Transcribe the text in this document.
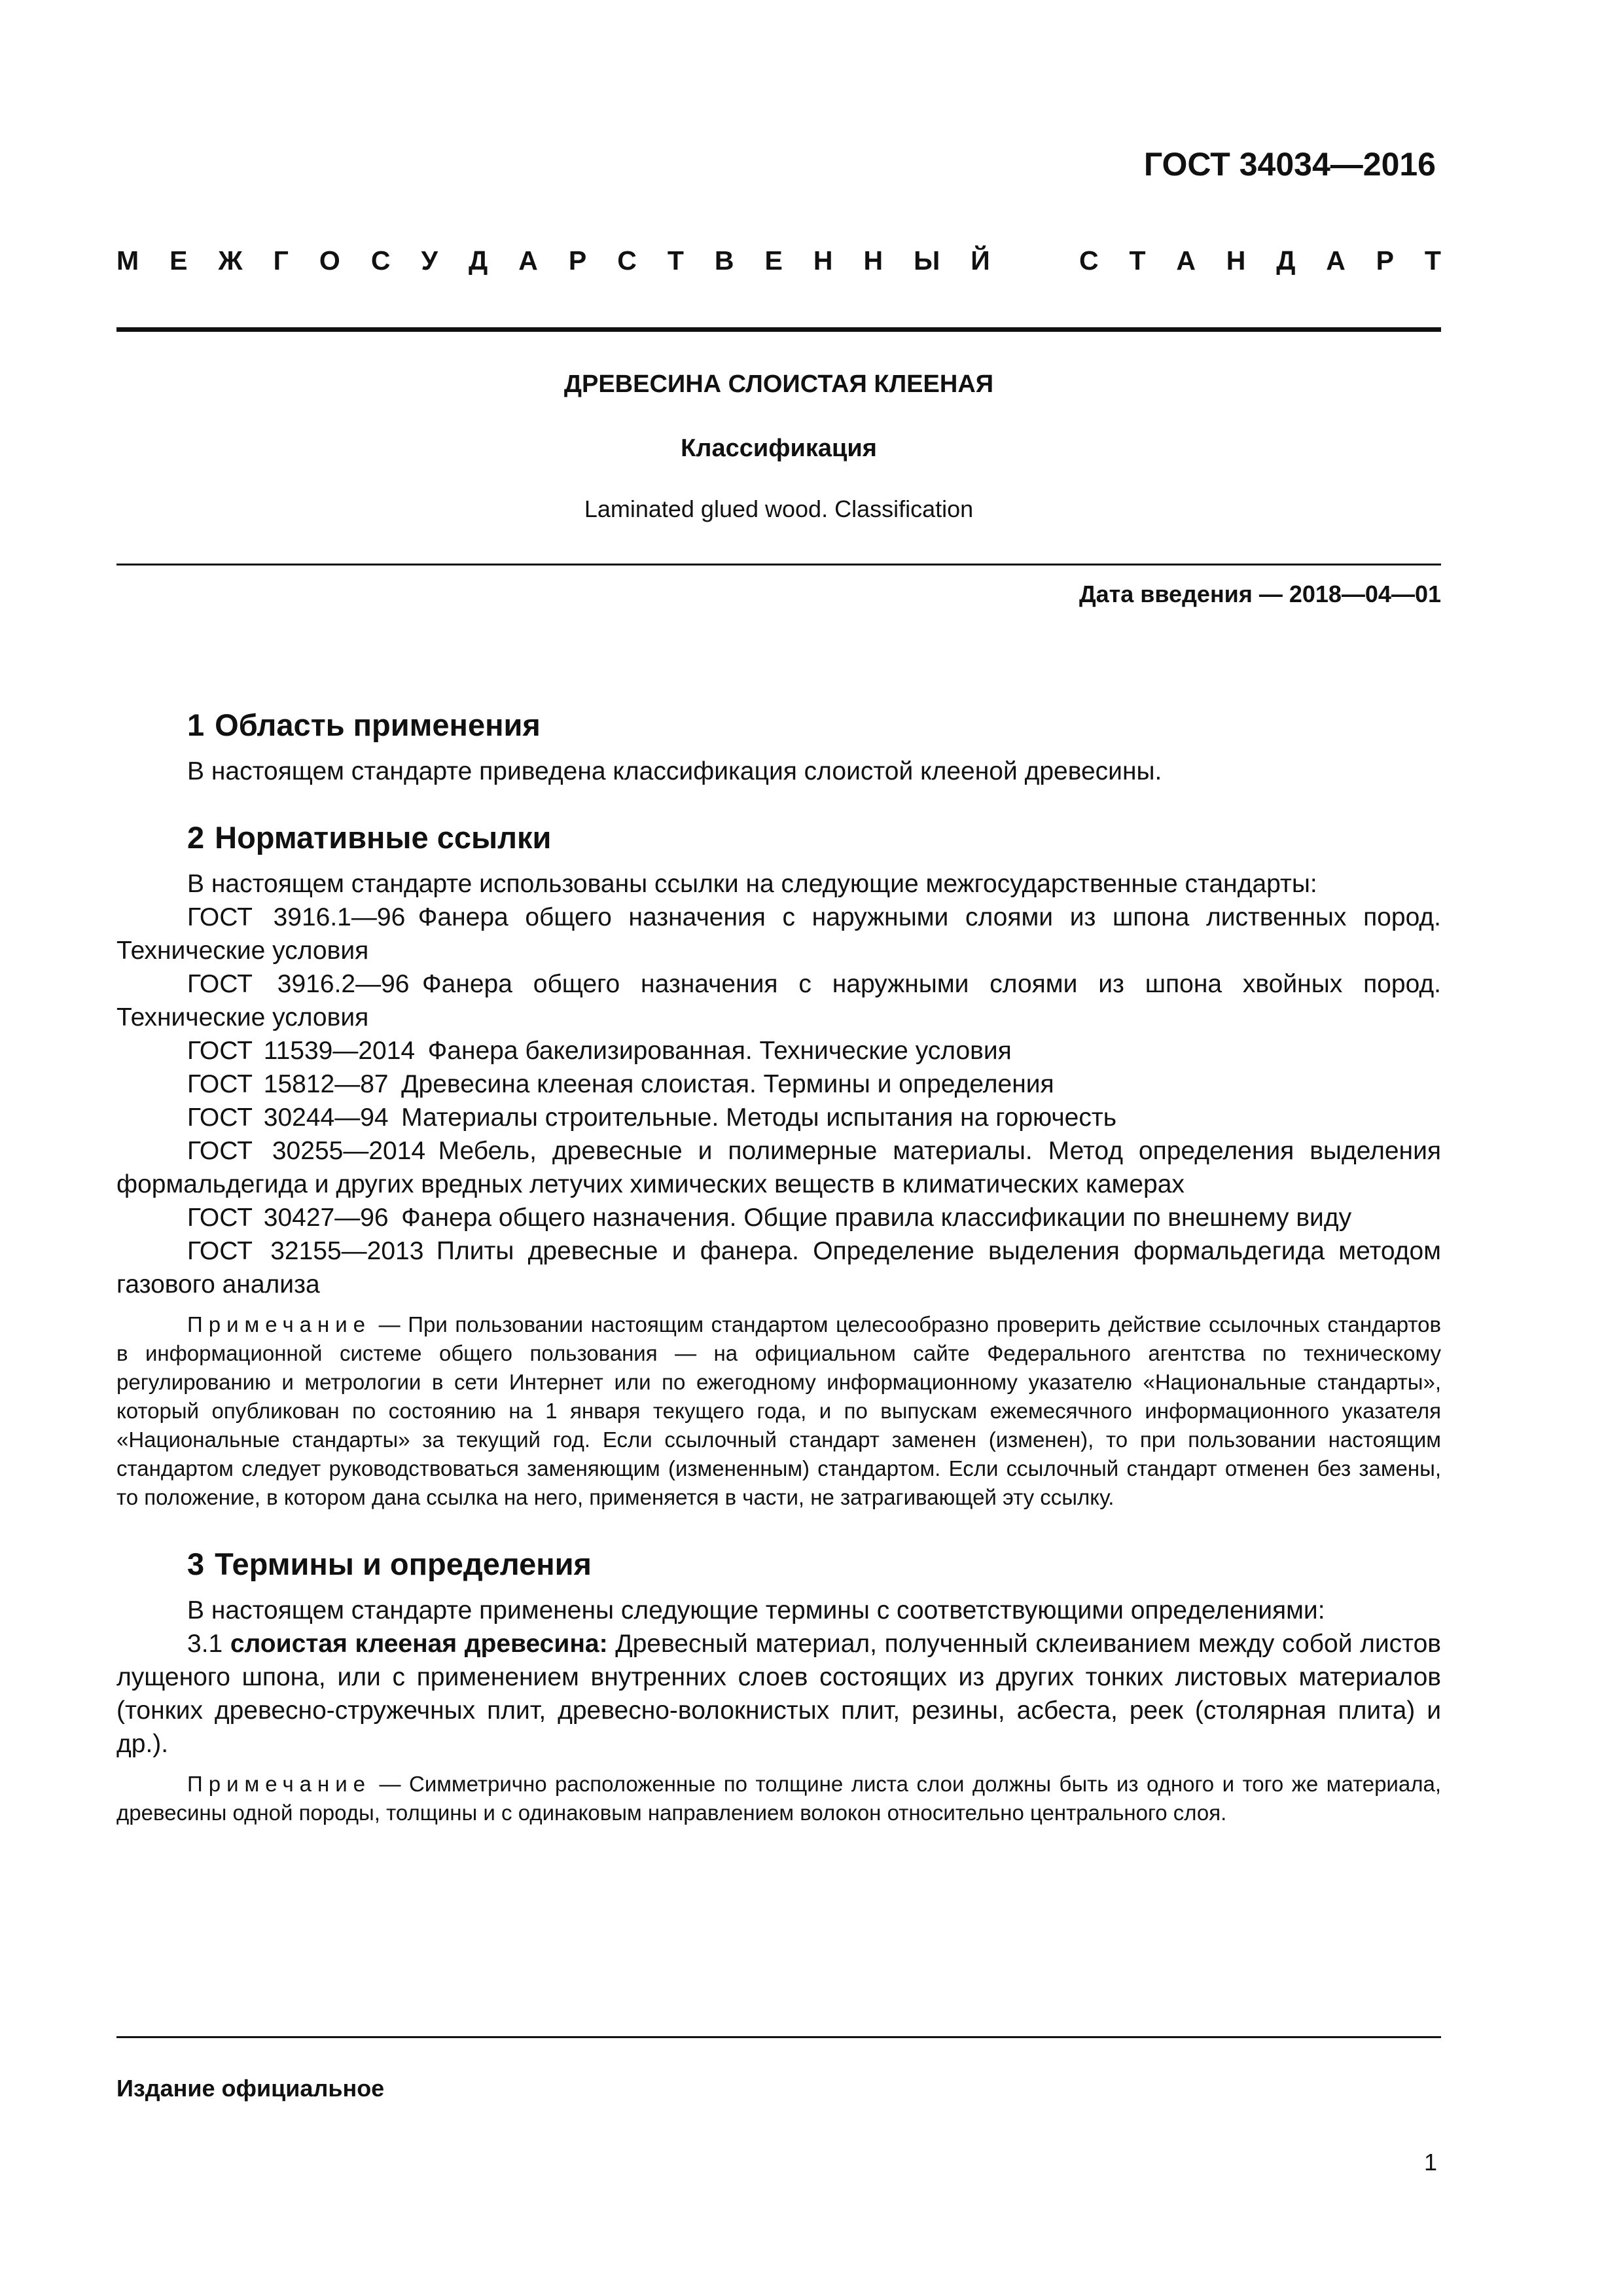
ГОСТ 34034—2016
М Е Ж Г О С У Д А Р С Т В Е Н Н Ы Й	С Т А Н Д А Р Т
ДРЕВЕСИНА СЛОИСТАЯ КЛЕЕНАЯ
Классификация
Laminated glued wood. Classification
Дата введения — 2018—04—01
1 Область применения

В настоящем стандарте приведена классификация слоистой клееной древесины.

2 Нормативные ссылки

В настоящем стандарте использованы ссылки на следующие межгосударственные стандарты:

ГОСТ 3916.1—96  Фанера общего назначения с наружными слоями из шпона лиственных пород. Технические условия

ГОСТ 3916.2—96  Фанера общего назначения с наружными слоями из шпона хвойных пород. Технические условия

ГОСТ 11539—2014  Фанера бакелизированная. Технические условия

ГОСТ 15812—87  Древесина клееная слоистая. Термины и определения

ГОСТ 30244—94  Материалы строительные. Методы испытания на горючесть

ГОСТ 30255—2014  Мебель, древесные и полимерные материалы. Метод определения выделения формальдегида и других вредных летучих химических веществ в климатических камерах

ГОСТ 30427—96  Фанера общего назначения. Общие правила классификации по внешнему виду

ГОСТ 32155—2013  Плиты древесные и фанера. Определение выделения формальдегида методом газового анализа

Примечание — При пользовании настоящим стандартом целесообразно проверить действие ссылочных стандартов в информационной системе общего пользования — на официальном сайте Федерального агентства по техническому регулированию и метрологии в сети Интернет или по ежегодному информационному указателю «Национальные стандарты», который опубликован по состоянию на 1 января текущего года, и по выпускам ежемесячного информационного указателя «Национальные стандарты» за текущий год. Если ссылочный стандарт заменен (изменен), то при пользовании настоящим стандартом следует руководствоваться заменяющим (измененным) стандартом. Если ссылочный стандарт отменен без замены, то положение, в котором дана ссылка на него, применяется в части, не затрагивающей эту ссылку.

3 Термины и определения

В настоящем стандарте применены следующие термины с соответствующими определениями:

3.1 слоистая клееная древесина: Древесный материал, полученный склеиванием между собой листов лущеного шпона, или с применением внутренних слоев состоящих из других тонких листовых материалов (тонких древесно-стружечных плит, древесно-волокнистых плит, резины, асбеста, реек (столярная плита) и др.).

Примечание — Симметрично расположенные по толщине листа слои должны быть из одного и того же материала, древесины одной породы, толщины и с одинаковым направлением волокон относительно центрального слоя.

Издание официальное
1
